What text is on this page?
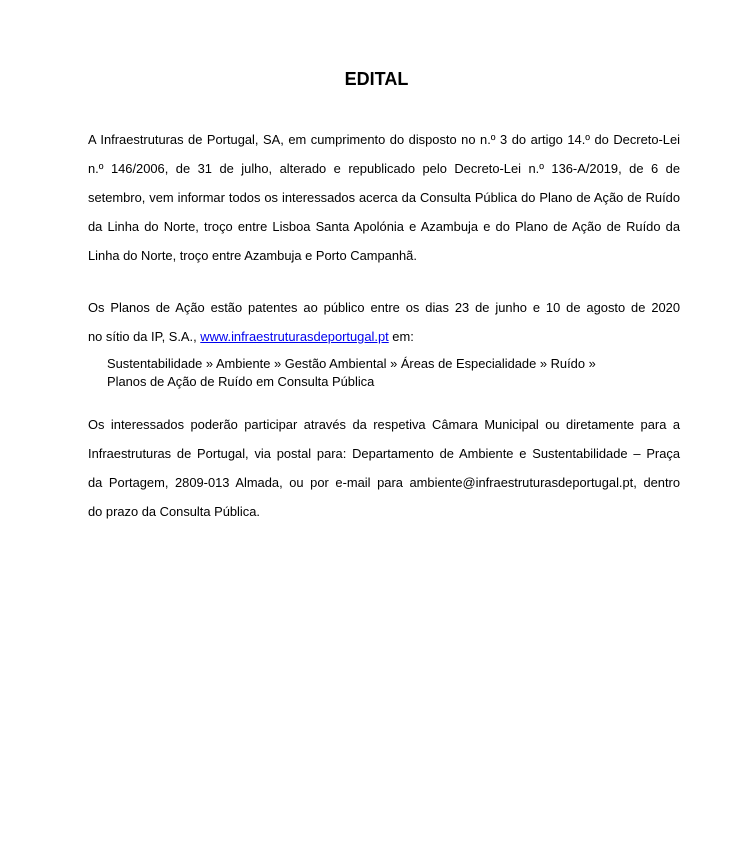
EDITAL
A Infraestruturas de Portugal, SA, em cumprimento do disposto no n.º 3 do artigo 14.º do Decreto-Lei
n.º 146/2006, de 31 de julho, alterado e republicado pelo Decreto-Lei n.º 136-A/2019, de 6 de
setembro, vem informar todos os interessados acerca da Consulta Pública do Plano de Ação de Ruído
da Linha do Norte, troço entre Lisboa Santa Apolónia e Azambuja e do Plano de Ação de Ruído da
Linha do Norte, troço entre Azambuja e Porto Campanhã.
Os Planos de Ação estão patentes ao público entre os dias 23 de junho e 10 de agosto de 2020
no sítio da IP, S.A., www.infraestruturasdeportugal.pt em:
Sustentabilidade » Ambiente » Gestão Ambiental » Áreas de Especialidade » Ruído »
Planos de Ação de Ruído em Consulta Pública
Os interessados poderão participar através da respetiva Câmara Municipal ou diretamente para a
Infraestruturas de Portugal, via postal para: Departamento de Ambiente e Sustentabilidade – Praça
da Portagem, 2809-013 Almada, ou por e-mail para ambiente@infraestruturasdeportugal.pt, dentro
do prazo da Consulta Pública.
